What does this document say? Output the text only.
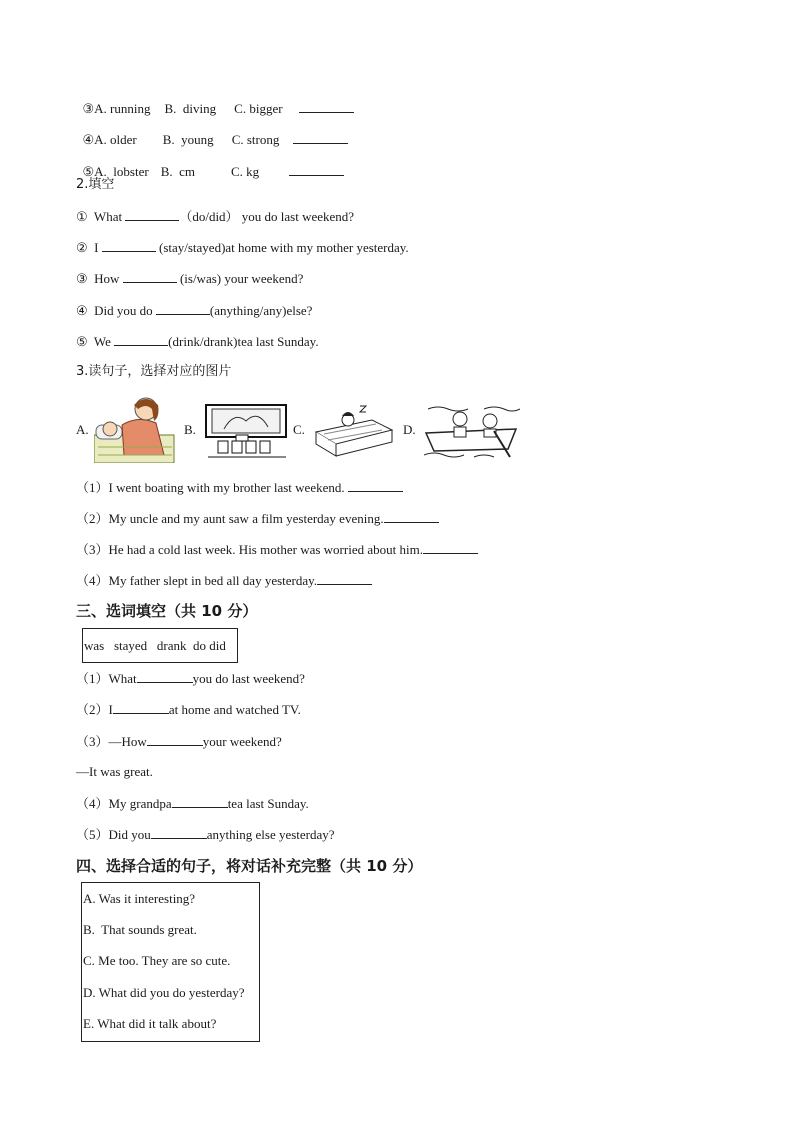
③A. running B.  diving C. bigger

④A. older B.  young C. strong

⑤A.  lobster B.  cm	C. kg

2.填空
①  What	（do/did） you do last weekend?
②  I	(stay/stayed)at home with my mother yesterday.
③  How	(is/was) your weekend?
④  Did you do	(anything/any)else?
⑤  We	(drink/drank)tea last Sunday.
3.读句子，选择对应的图片
A.	B.	C.	D.
（1）I went boating with my brother last weekend.
（2）My uncle and my aunt saw a film yesterday evening.
（3）He had a cold last week. His mother was worried about him.
（4）My father slept in bed all day yesterday.
三、选词填空（共 10 分）
was   stayed   drank  do did
（1）What	you do last weekend?
（2）I	at home and watched TV.
（3）—How	your weekend?
—It was great.
（4）My grandpa	tea last Sunday.
（5）Did you	anything else yesterday?
四、选择合适的句子，将对话补充完整（共 10 分）
A. Was it interesting?
B.  That sounds great.
C. Me too. They are so cute.
D. What did you do yesterday?
E. What did it talk about?
